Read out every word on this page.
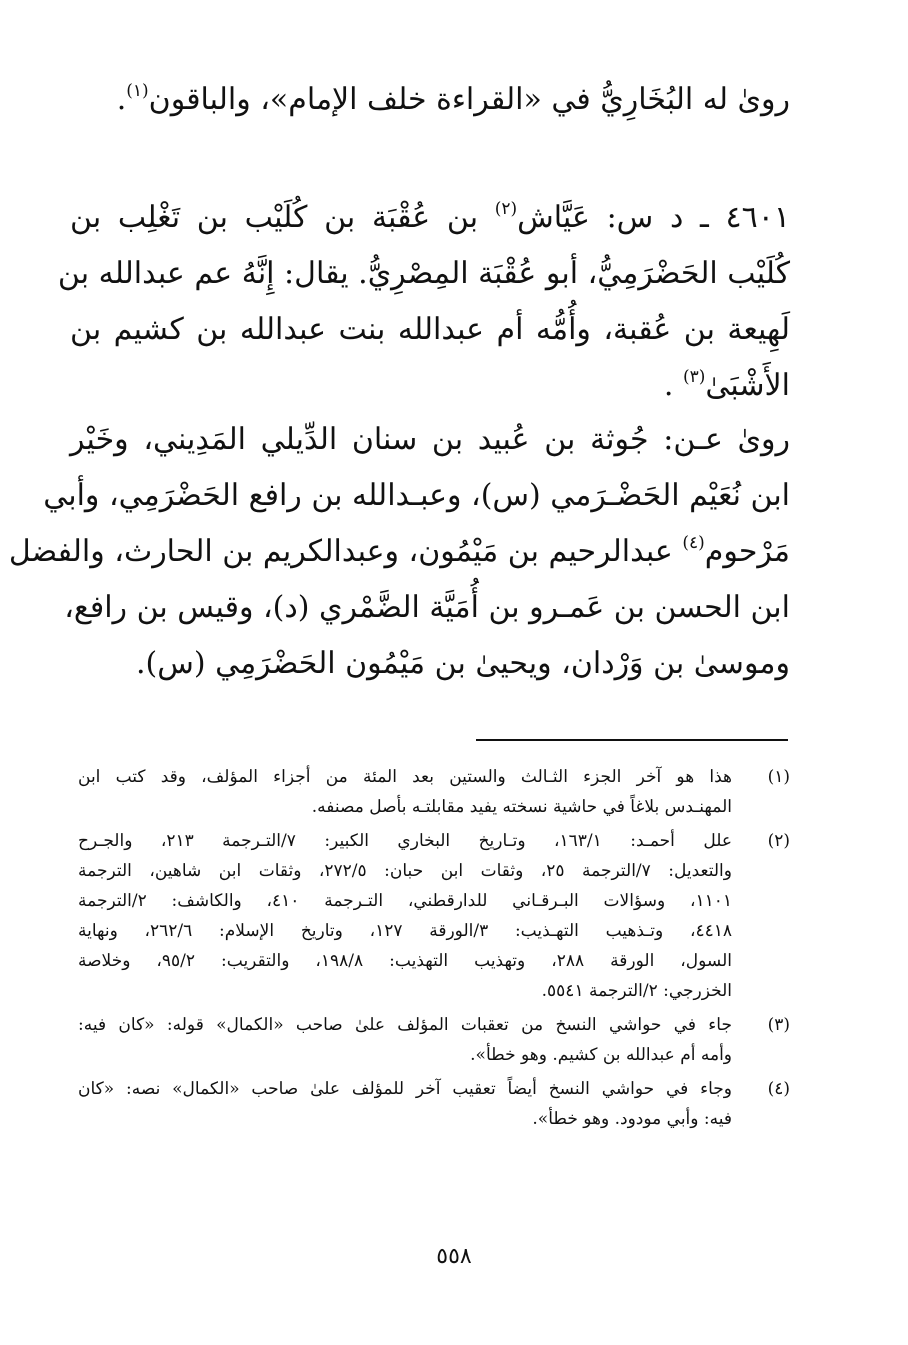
رویٰ له البُخَارِيُّ في «القراءة خلف الإمام»، والباقون$^{(١)}$.
٤٦٠١ ـ د س: عَيَّاش$^{(٢)}$ بن عُقْبَة بن كُلَيْب بن تَغْلِب بن
كُلَيْب الحَضْرَمِيُّ، أبو عُقْبَة المِصْرِيُّ. يقال: إِنَّهُ عم عبدالله بن
لَهِيعة بن عُقبة، وأُمُّه أم عبدالله بنت عبدالله بن كشيم بن
الأَشْبَىٰ$^{(٣)}$ .
رویٰ عـن: جُوثة بن عُبيد بن سنان الدِّيلي المَدِيني، وخَيْر
ابن نُعَيْم الحَضْـرَمي (س)، وعبـدالله بن رافع الحَضْرَمِي، وأبي
مَرْحوم$^{(٤)}$ عبدالرحيم بن مَيْمُون، وعبدالكريم بن الحارث، والفضل
ابن الحسن بن عَمـرو بن أُمَيَّة الضَّمْري (د)، وقيس بن رافع،
وموسىٰ بن وَرْدان، ويحيىٰ بن مَيْمُون الحَضْرَمِي (س).
(١)
هذا هو آخر الجزء الثـالث والستين بعد المئة من أجزاء المؤلف، وقد كتب ابن
المهنـدس بلاغاً في حاشية نسخته يفيد مقابلتـه بأصل مصنفه.
(٢)
علل أحمـد: ١٦٣/١، وتـاريخ البخاري الكبير: ٧/التـرجمة ٢١٣، والجـرح
والتعديل: ٧/الترجمة ٢٥، وثقات ابن حبان: ٢٧٢/٥، وثقات ابن شاهين، الترجمة
١١٠١، وسؤالات البـرقـاني للدارقطني، التـرجمة ٤١٠، والكاشف: ٢/الترجمة
٤٤١٨، وتـذهيب التهـذيب: ٣/الورقة ١٢٧، وتاريخ الإسلام: ٢٦٢/٦، ونهاية
السول، الورقة ٢٨٨، وتهذيب التهذيب: ١٩٨/٨، والتقريب: ٩٥/٢، وخلاصة
الخزرجي: ٢/الترجمة ٥٥٤١.
(٣)
جاء في حواشي النسخ من تعقبات المؤلف علىٰ صاحب «الكمال» قوله: «كان فيه:
وأمه أم عبدالله بن كشيم. وهو خطأ».
(٤)
وجاء في حواشي النسخ أيضاً تعقيب آخر للمؤلف علىٰ صاحب «الكمال» نصه: «كان
فيه: وأبي مودود. وهو خطأ».
٥٥٨
